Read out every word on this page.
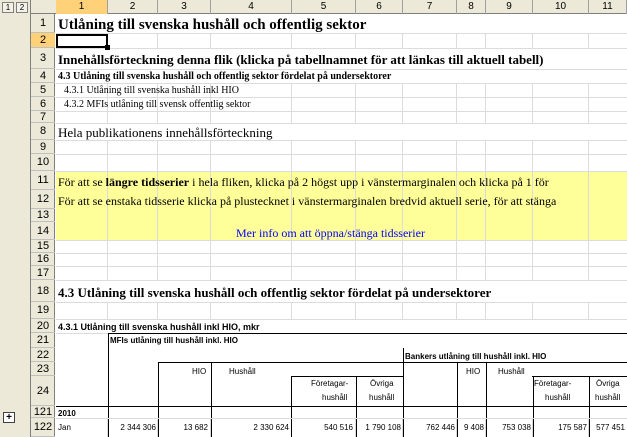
1	2
+
1	2	3	4	5	6	7	8	9	10	11
1
2
3
4
5
6
7
8
9
10
11
12
13
14
15
16
17
18
19
20
21
22
23
24
121
122
Utlåning till svenska hushåll och offentlig sektor
Innehållsförteckning denna flik (klicka på tabellnamnet för att länkas till aktuell tabell)
4.3 Utlåning till svenska hushåll och offentlig sektor fördelat på undersektorer
4.3.1 Utlåning till svenska hushåll inkl HIO
4.3.2 MFIs utlåning till svensk offentlig sektor
Hela publikationens innehållsförteckning
För att se längre tidsserier i hela fliken, klicka på 2 högst upp i vänstermarginalen och klicka på 1 för
För att se enstaka tidsserie klicka på plustecknet i vänstermarginalen bredvid aktuell serie, för att stänga
Mer info om att öppna/stänga tidsserier
4.3 Utlåning till svenska hushåll och offentlig sektor fördelat på undersektorer
4.3.1 Utlåning till svenska hushåll inkl HIO, mkr
MFIs utlåning till hushåll inkl. HIO
Bankers utlåning till hushåll inkl. HIO
HIO	Hushåll
Företagar-
hushåll
Övriga
hushåll
HIO Hushåll
Företagar-
hushåll
Övriga
hushåll
2010
Jan	2 344 306	13 682	2 330 624	540 516	1 790 108	762 446	9 408	753 038	175 587	577 451
